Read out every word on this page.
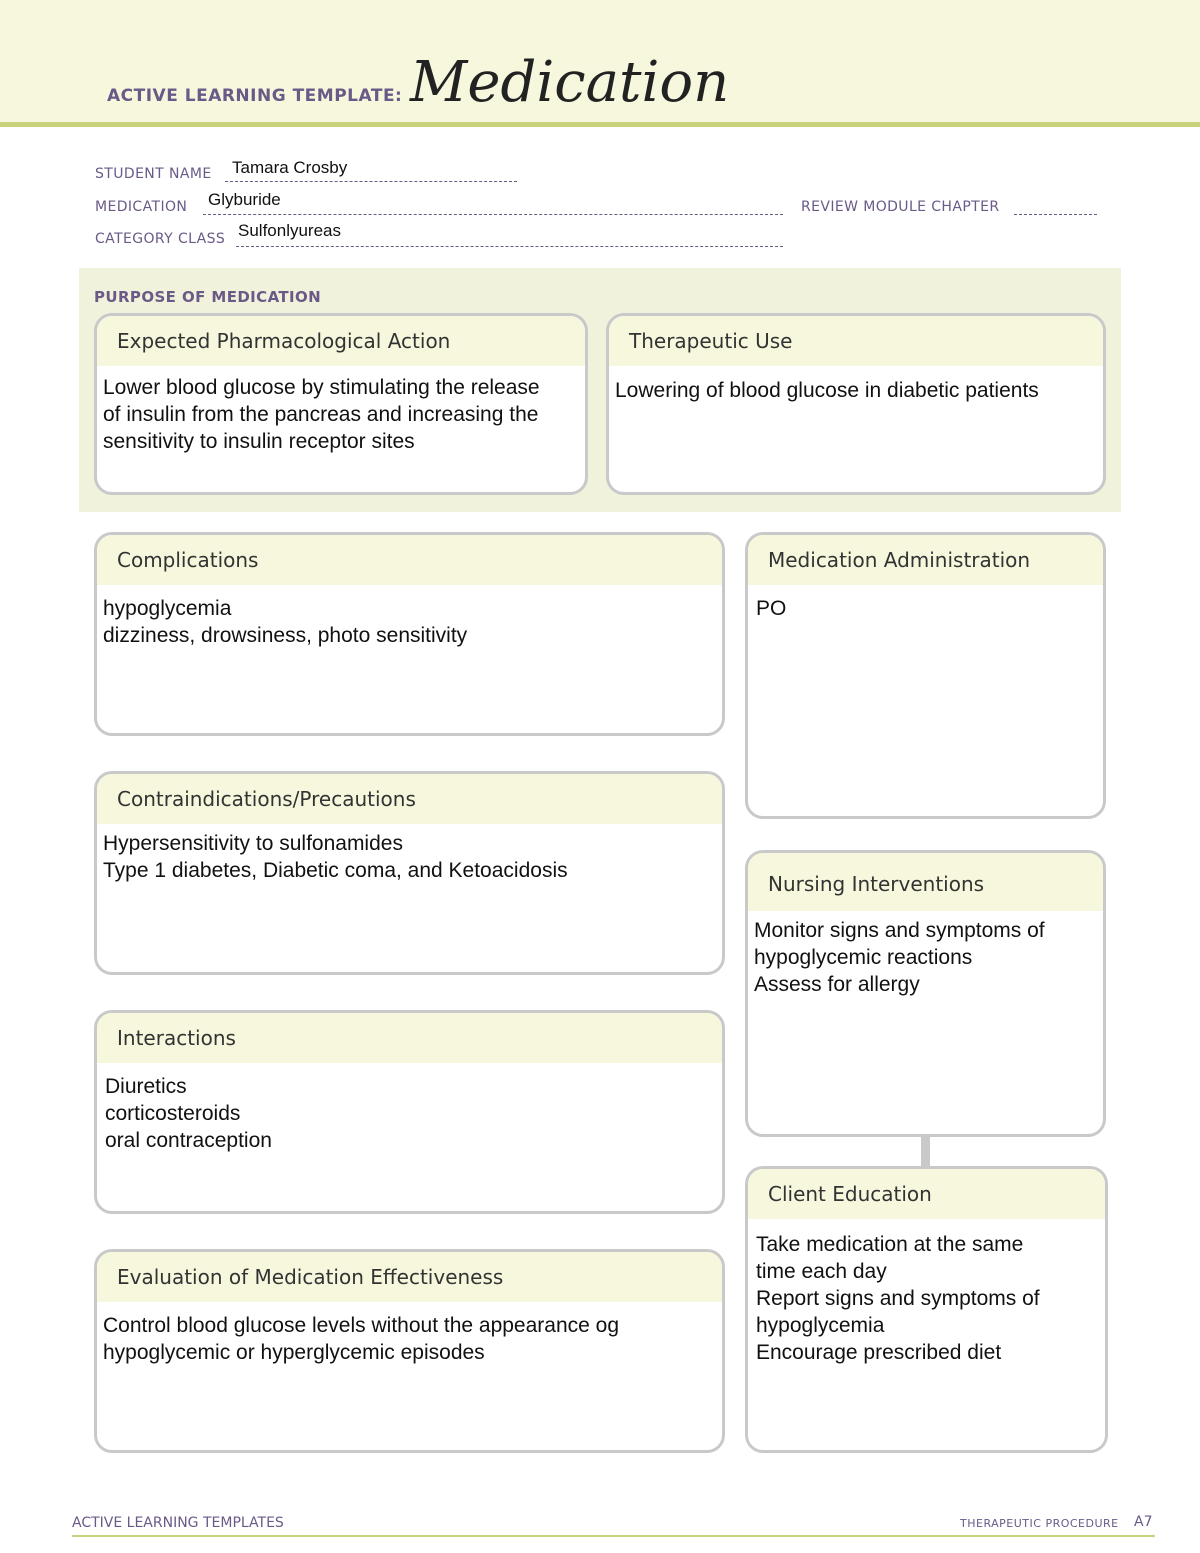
ACTIVE LEARNING TEMPLATE: Medication
STUDENT NAME Tamara Crosby
MEDICATION Glyburide	REVIEW MODULE CHAPTER
CATEGORY CLASS Sulfonlyureas
PURPOSE OF MEDICATION
Expected Pharmacological Action
Lower blood glucose by stimulating the release
of insulin from the pancreas and increasing the
sensitivity to insulin receptor sites
Therapeutic Use
Lowering of blood glucose in diabetic patients
Complications
hypoglycemia
dizziness, drowsiness, photo sensitivity
Contraindications/Precautions
Hypersensitivity to sulfonamides
Type 1 diabetes, Diabetic coma, and Ketoacidosis
Interactions
Diuretics
corticosteroids
oral contraception
Evaluation of Medication Effectiveness
Control blood glucose levels without the appearance og
hypoglycemic or hyperglycemic episodes
Medication Administration
PO
Nursing Interventions
Monitor signs and symptoms of
hypoglycemic reactions
Assess for allergy
Client Education
Take medication at the same
time each day
Report signs and symptoms of
hypoglycemia
Encourage prescribed diet
ACTIVE LEARNING TEMPLATES	THERAPEUTIC PROCEDURE A7
